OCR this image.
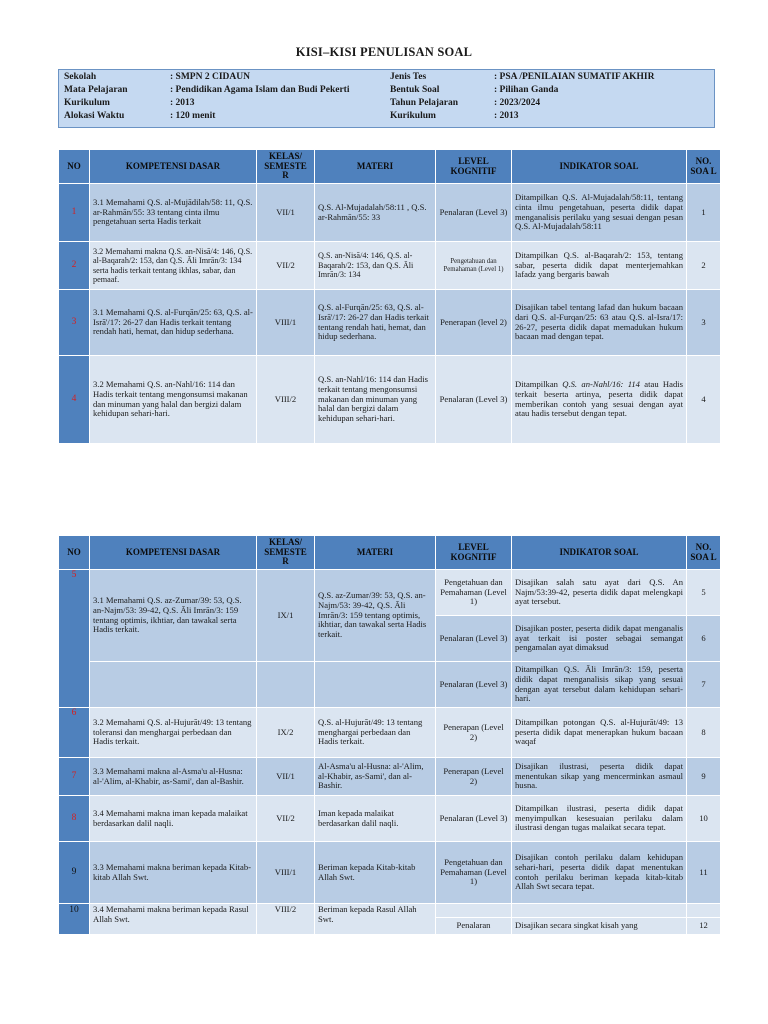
KISI–KISI PENULISAN SOAL
Sekolah	: SMPN 2 CIDAUN
Mata Pelajaran	: Pendidikan Agama Islam dan Budi Pekerti
Kurikulum	: 2013
Alokasi Waktu	: 120 menit
Jenis Tes	: PSA /PENILAIAN SUMATIF AKHIR
Bentuk Soal	: Pilihan Ganda
Tahun Pelajaran	: 2023/2024
Kurikulum	: 2013
NO	KOMPETENSI DASAR	KELAS/ SEMESTE R	MATERI	LEVEL KOGNITIF	INDIKATOR SOAL	NO. SOA L
1	3.1 Memahami Q.S. al-Mujādilah/58: 11, Q.S. ar-Rahmān/55: 33 tentang cinta ilmu pengetahuan serta Hadis terkait	VII/1	Q.S. Al-Mujadalah/58:11 , Q.S. ar-Rahmān/55: 33	Penalaran (Level 3)	Ditampilkan Q.S. Al-Mujadalah/58:11, tentang cinta ilmu pengetahuan, peserta didik dapat menganalisis perilaku yang sesuai dengan pesan Q.S. Al-Mujadalah/58:11	1
2	3.2 Memahami makna Q.S. an-Nisā/4: 146, Q.S. al-Baqarah/2: 153, dan Q.S. Āli Imrān/3: 134 serta hadis terkait tentang ikhlas, sabar, dan pemaaf.	VII/2	Q.S. an-Nisā/4: 146, Q.S. al-Baqarah/2: 153, dan Q.S. Āli Imrān/3: 134	Pengetahuan dan Pemahaman (Level 1)	Ditampilkan Q.S. al-Baqarah/2: 153, tentang sabar, peserta didik dapat menterjemahkan lafadz yang bergaris bawah	2
3	3.1 Memahami Q.S. al-Furqān/25: 63, Q.S. al-Isrā'/17: 26-27 dan Hadis terkait tentang rendah hati, hemat, dan hidup sederhana.	VIII/1	Q.S. al-Furqān/25: 63, Q.S. al-Isrā'/17: 26-27 dan Hadis terkait tentang rendah hati, hemat, dan hidup sederhana.	Penerapan (level 2)	Disajikan tabel tentang lafad dan hukum bacaan dari Q.S. al-Furqan/25: 63 atau Q.S. al-Isra/17: 26-27, peserta didik dapat memadukan hukum bacaan mad dengan tepat.	3
4	3.2 Memahami Q.S. an-Nahl/16: 114 dan Hadis terkait tentang mengonsumsi makanan dan minuman yang halal dan bergizi dalam kehidupan sehari-hari.	VIII/2	Q.S. an-Nahl/16: 114 dan Hadis terkait tentang mengonsumsi makanan dan minuman yang halal dan bergizi dalam kehidupan sehari-hari.	Penalaran (Level 3)	Ditampilkan Q.S. an-Nahl/16: 114 atau Hadis terkait beserta artinya, peserta didik dapat memberikan contoh yang sesuai dengan ayat atau hadis tersebut dengan tepat.	4
NO	KOMPETENSI DASAR	KELAS/ SEMESTE R	MATERI	LEVEL KOGNITIF	INDIKATOR SOAL	NO. SOA L
5	3.1 Memahami Q.S. az-Zumar/39: 53, Q.S. an-Najm/53: 39-42, Q.S. Āli Imrān/3: 159 tentang optimis, ikhtiar, dan tawakal serta Hadis terkait.	IX/1	Q.S. az-Zumar/39: 53, Q.S. an-Najm/53: 39-42, Q.S. Āli Imrān/3: 159 tentang optimis, ikhtiar, dan tawakal serta Hadis terkait.	Pengetahuan dan Pemahaman (Level 1)	Disajikan salah satu ayat dari Q.S. An Najm/53:39-42, peserta didik dapat melengkapi ayat tersebut.	5
				Penalaran (Level 3)	Disajikan poster, peserta didik dapat menganalis ayat terkait isi poster sebagai semangat pengamalan ayat dimaksud	6
				Penalaran (Level 3)	Ditampilkan Q.S. Āli Imrān/3: 159, peserta didik dapat menganalisis sikap yang sesuai dengan ayat tersebut dalam kehidupan sehari-hari.	7
6	3.2 Memahami Q.S. al-Hujurāt/49: 13 tentang toleransi dan menghargai perbedaan dan Hadis terkait.	IX/2	Q.S. al-Hujurāt/49: 13 tentang menghargai perbedaan dan Hadis terkait.	Penerapan (Level 2)	Ditampilkan potongan Q.S. al-Hujurāt/49: 13 peserta didik dapat menerapkan hukum bacaan waqaf	8
7	3.3 Memahami makna al-Asma'u al-Husna: al-'Alim, al-Khabir, as-Sami', dan al-Bashir.	VII/1	Al-Asma'u al-Husna: al-'Alim, al-Khabir, as-Sami', dan al-Bashir.	Penerapan (Level 2)	Disajikan ilustrasi, peserta didik dapat menentukan sikap yang mencerminkan asmaul husna.	9
8	3.4 Memahami makna iman kepada malaikat berdasarkan dalil naqli.	VII/2	Iman kepada malaikat berdasarkan dalil naqli.	Penalaran (Level 3)	Ditampilkan ilustrasi, peserta didik dapat menyimpulkan kesesuaian perilaku dalam ilustrasi dengan tugas malaikat secara tepat.	10
9	3.3 Memahami makna beriman kepada Kitab-kitab Allah Swt.	VIII/1	Beriman kepada Kitab-kitab Allah Swt.	Pengetahuan dan Pemahaman (Level 1)	Disajikan contoh perilaku dalam kehidupan sehari-hari, peserta didik dapat menentukan contoh perilaku beriman kepada kitab-kitab Allah Swt secara tepat.	11
10	3.4 Memahami makna beriman kepada Rasul Allah Swt.	VIII/2	Beriman kepada Rasul Allah Swt.			
				Penalaran	Disajikan secara singkat kisah yang	12
